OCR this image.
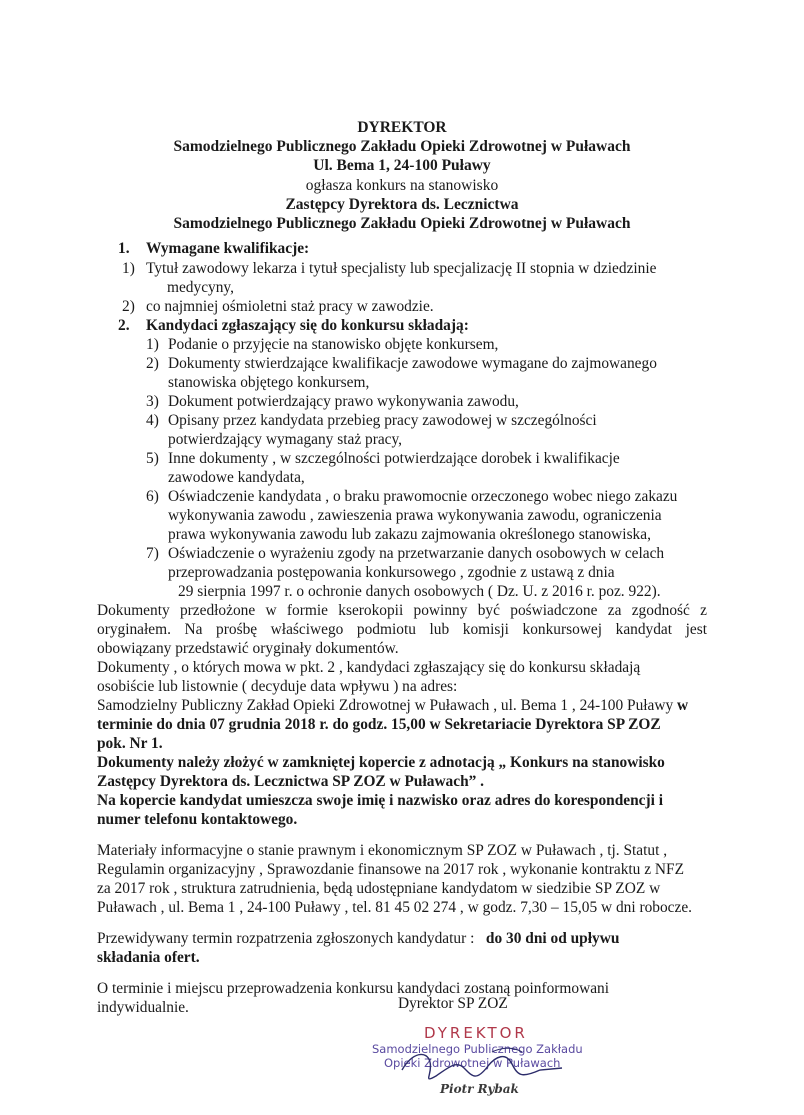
DYREKTOR
Samodzielnego Publicznego Zakładu Opieki Zdrowotnej w Puławach
Ul. Bema 1, 24-100 Puławy
ogłasza konkurs na stanowisko
Zastępcy Dyrektora ds. Lecznictwa
Samodzielnego Publicznego Zakładu Opieki Zdrowotnej w Puławach
1. Wymagane kwalifikacje:
1) Tytuł zawodowy lekarza i tytuł specjalisty lub specjalizację II stopnia w dziedzinie
medycyny,
2) co najmniej ośmioletni staż pracy w zawodzie.
2. Kandydaci zgłaszający się do konkursu składają:
1) Podanie o przyjęcie na stanowisko objęte konkursem,
2) Dokumenty stwierdzające kwalifikacje zawodowe wymagane do zajmowanego
stanowiska objętego konkursem,
3) Dokument potwierdzający prawo wykonywania zawodu,
4) Opisany przez kandydata przebieg pracy zawodowej w szczególności
potwierdzający wymagany staż pracy,
5) Inne dokumenty , w szczególności potwierdzające dorobek i kwalifikacje
zawodowe kandydata,
6) Oświadczenie kandydata , o braku prawomocnie orzeczonego wobec niego zakazu
wykonywania zawodu , zawieszenia prawa wykonywania zawodu, ograniczenia
prawa wykonywania zawodu lub zakazu zajmowania określonego stanowiska,
7) Oświadczenie o wyrażeniu zgody na przetwarzanie danych osobowych w celach
przeprowadzania postępowania konkursowego , zgodnie z ustawą z dnia
29 sierpnia 1997 r. o ochronie danych osobowych ( Dz. U. z 2016 r. poz. 922).
Dokumenty przedłożone w formie kserokopii powinny być poświadczone za zgodność z
oryginałem. Na prośbę właściwego podmiotu lub komisji konkursowej kandydat jest
obowiązany przedstawić oryginały dokumentów.
Dokumenty , o których mowa w pkt. 2 , kandydaci zgłaszający się do konkursu składają
osobiście lub listownie ( decyduje data wpływu ) na adres:
Samodzielny Publiczny Zakład Opieki Zdrowotnej w Puławach , ul. Bema 1 , 24-100 Puławy w
terminie do dnia 07 grudnia 2018 r. do godz. 15,00 w Sekretariacie Dyrektora SP ZOZ
pok. Nr 1.
Dokumenty należy złożyć w zamkniętej kopercie z adnotacją „ Konkurs na stanowisko
Zastępcy Dyrektora ds. Lecznictwa SP ZOZ w Puławach” .
Na kopercie kandydat umieszcza swoje imię i nazwisko oraz adres do korespondencji i
numer telefonu kontaktowego.
Materiały informacyjne o stanie prawnym i ekonomicznym SP ZOZ w Puławach , tj. Statut ,
Regulamin organizacyjny , Sprawozdanie finansowe na 2017 rok , wykonanie kontraktu z NFZ
za 2017 rok , struktura zatrudnienia, będą udostępniane kandydatom w siedzibie SP ZOZ w
Puławach , ul. Bema 1 , 24-100 Puławy , tel. 81 45 02 274 , w godz. 7,30 – 15,05 w dni robocze.
Przewidywany termin rozpatrzenia zgłoszonych kandydatur : do 30 dni od upływu
składania ofert.
O terminie i miejscu przeprowadzenia konkursu kandydaci zostaną poinformowani
indywidualnie.	Dyrektor SP ZOZ
DYREKTOR
Samodzielnego Publicznego Zakładu
Opieki Zdrowotnej w Puławach
Piotr Rybak
